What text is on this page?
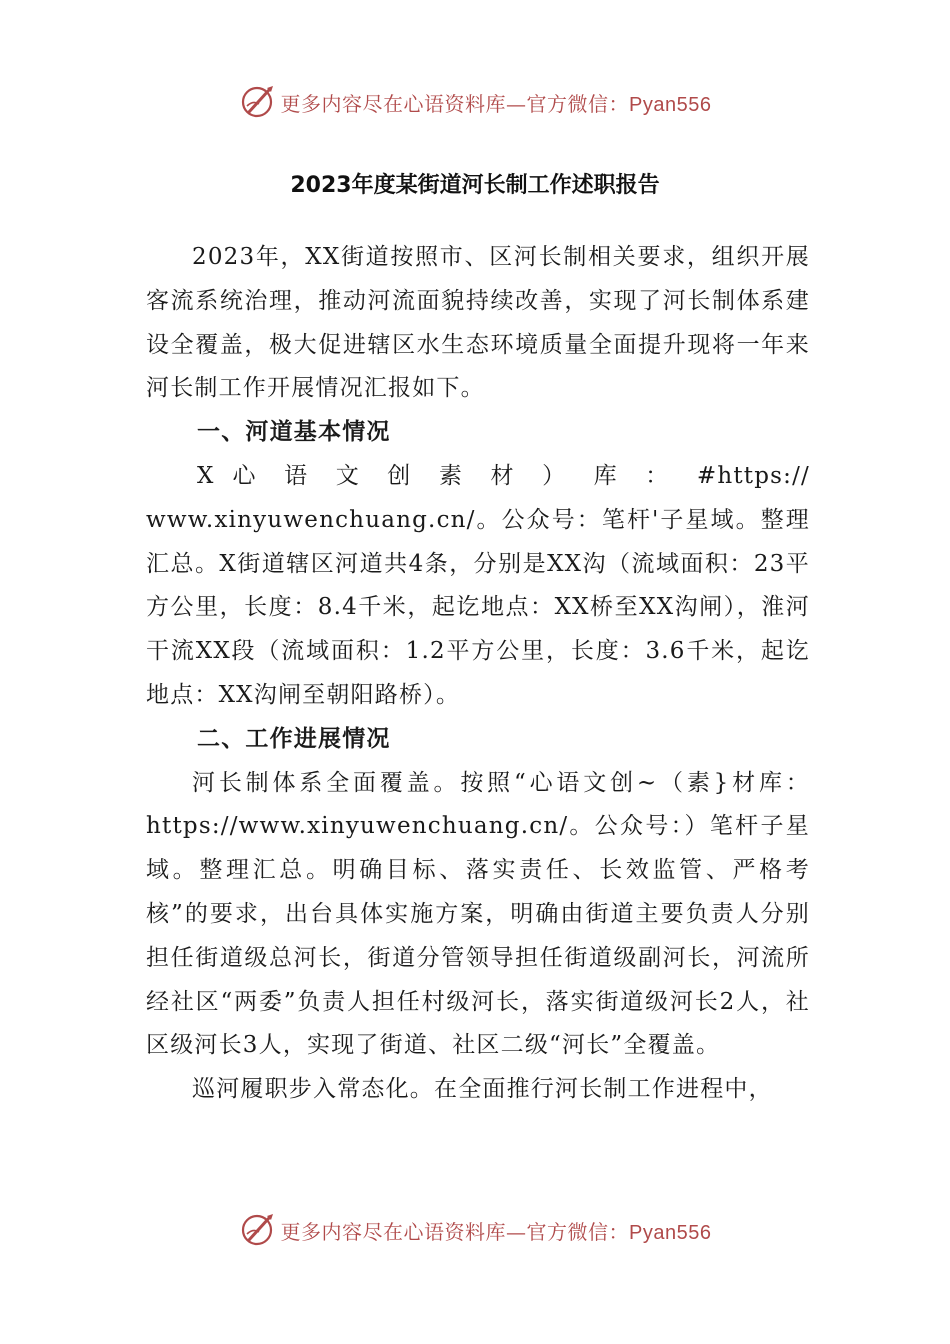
更多内容尽在心语资料库—官方微信：Pyan556
2023年度某街道河长制工作述职报告

2023年，XX街道按照市、区河长制相关要求，组织开展客流系统治理，推动河流面貌持续改善，实现了河长制体系建设全覆盖，极大促进辖区水生态环境质量全面提升现将一年来河长制工作开展情况汇报如下。

一、河道基本情况

X 心 语 文 创 素 材 ） 库 ： #https://

www.xinyuwenchuang.cn/。公众号：笔杆'子星域。整理汇总。X街道辖区河道共4条，分别是XX沟（流域面积：23平方公里，长度：8.4千米，起讫地点：XX桥至XX沟闸），淮河干流XX段（流域面积：1.2平方公里，长度：3.6千米，起讫地点：XX沟闸至朝阳路桥）。

二、工作进展情况

河长制体系全面覆盖。按照“心语文创~（素}材库：https://www.xinyuwenchuang.cn/。公众号：）笔杆子星域。整理汇总。明确目标、落实责任、长效监管、严格考核”的要求，出台具体实施方案，明确由街道主要负责人分别担任街道级总河长，街道分管领导担任街道级副河长，河流所经社区“两委”负责人担任村级河长，落实街道级河长2人，社区级河长3人，实现了街道、社区二级“河长”全覆盖。

巡河履职步入常态化。在全面推行河长制工作进程中，

更多内容尽在心语资料库—官方微信：Pyan556
